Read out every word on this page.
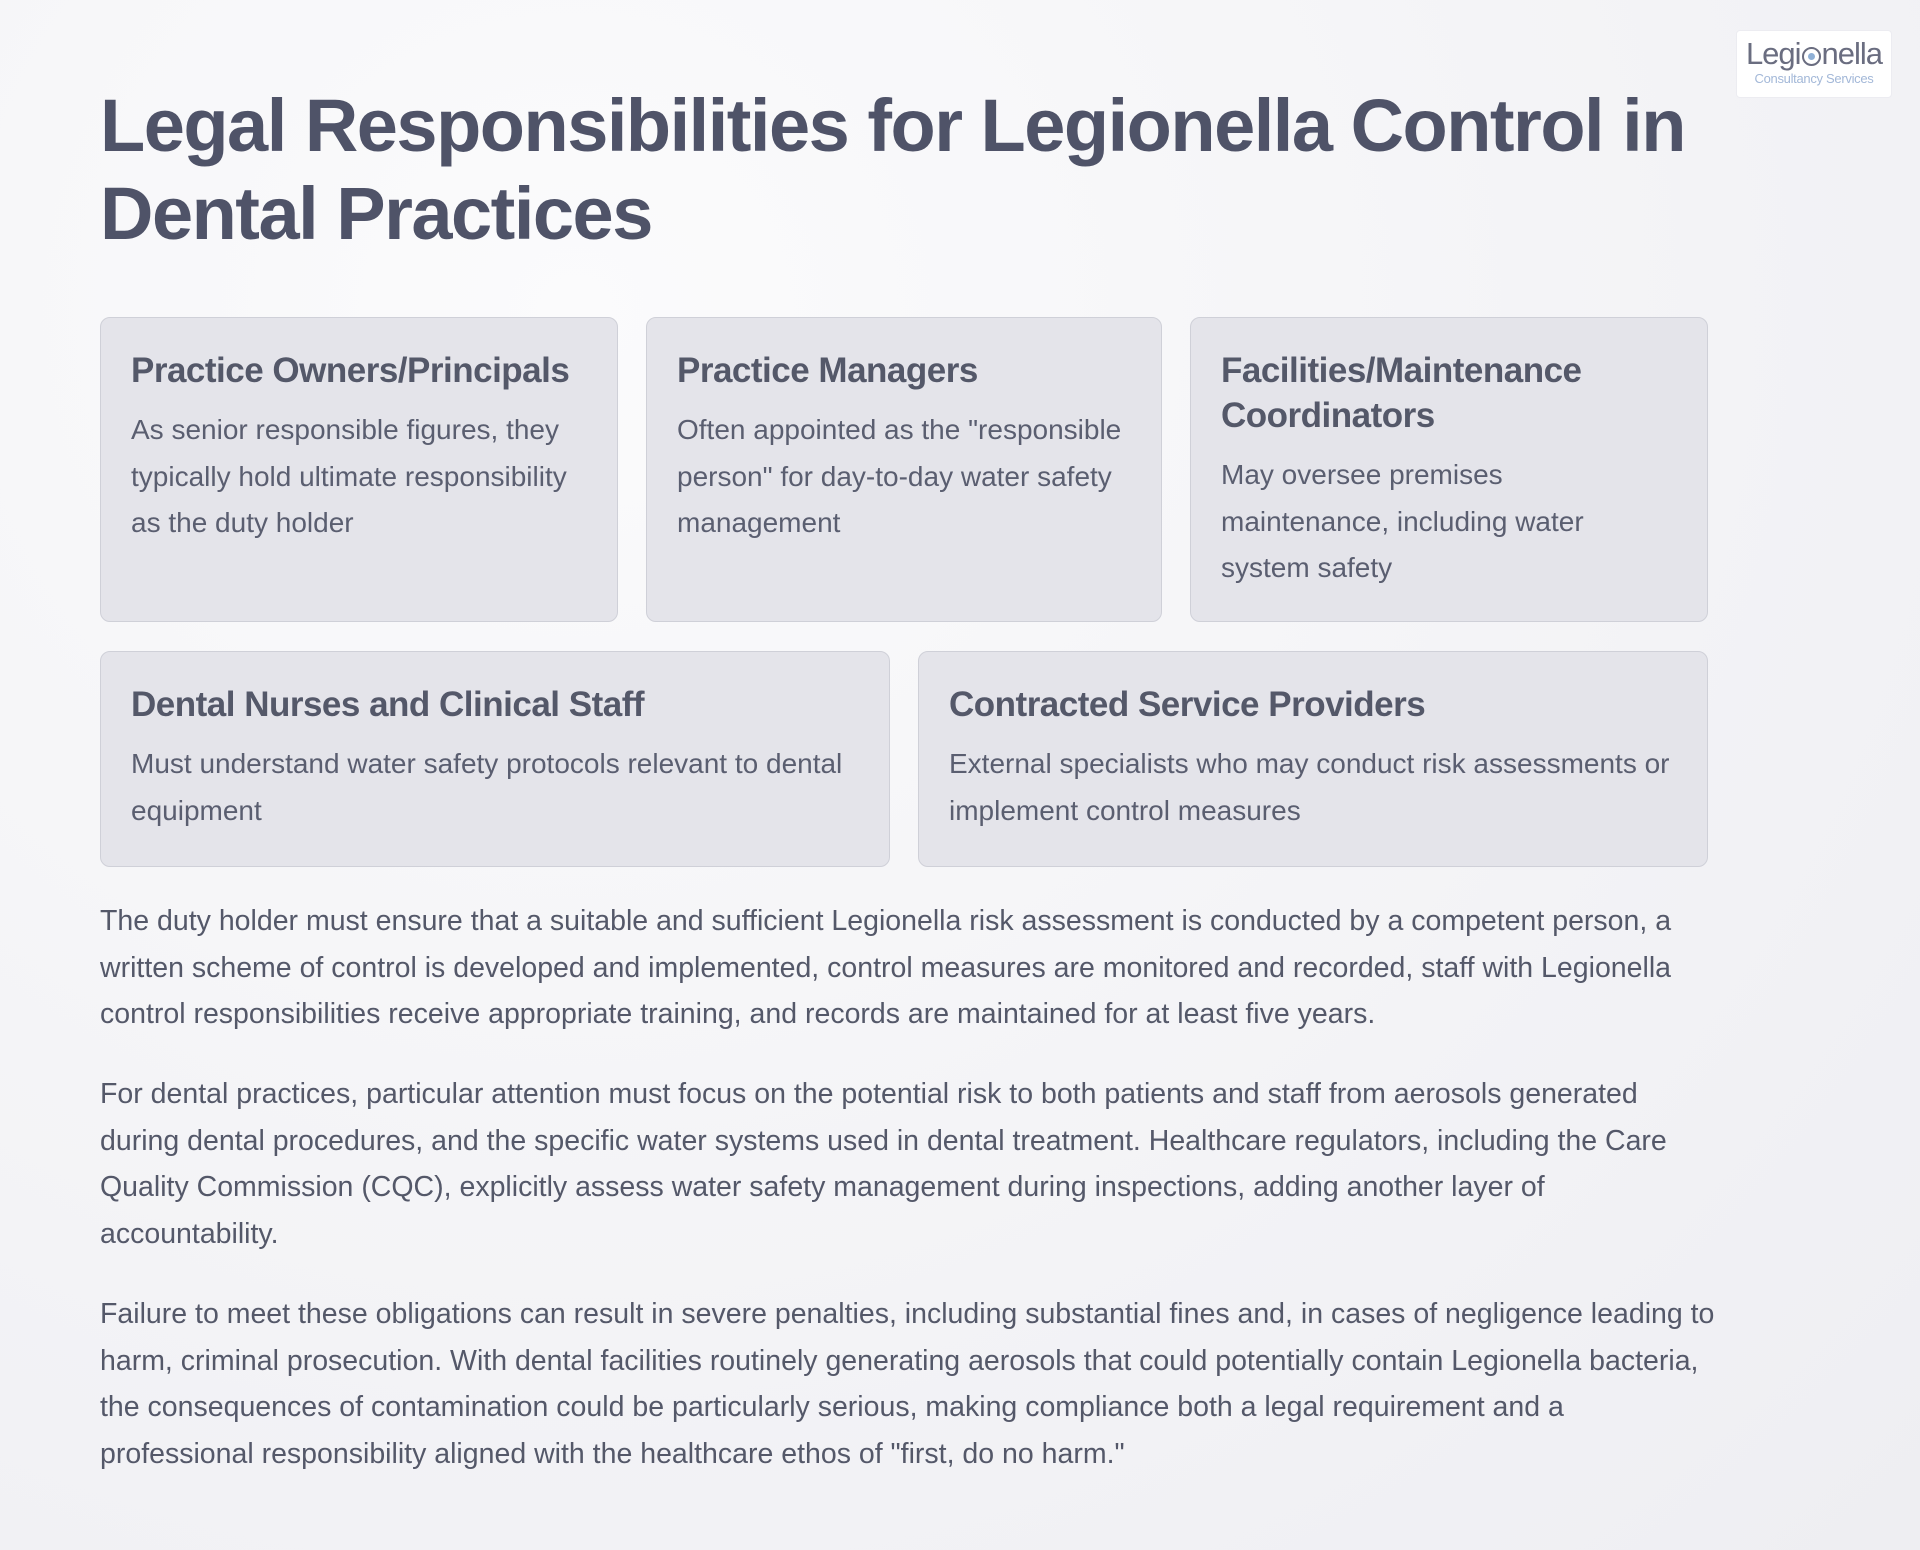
Legi nella
Consultancy Services
Legal Responsibilities for Legionella Control in Dental Practices
Practice Owners/Principals

As senior responsible figures, they typically hold ultimate responsibility as the duty holder

Practice Managers

Often appointed as the "responsible person" for day-to-day water safety management

Facilities/Maintenance Coordinators

May oversee premises maintenance, including water system safety

Dental Nurses and Clinical Staff

Must understand water safety protocols relevant to dental equipment

Contracted Service Providers

External specialists who may conduct risk assessments or implement control measures

The duty holder must ensure that a suitable and sufficient Legionella risk assessment is conducted by a competent person, a written scheme of control is developed and implemented, control measures are monitored and recorded, staff with Legionella control responsibilities receive appropriate training, and records are maintained for at least five years.

For dental practices, particular attention must focus on the potential risk to both patients and staff from aerosols generated during dental procedures, and the specific water systems used in dental treatment. Healthcare regulators, including the Care Quality Commission (CQC), explicitly assess water safety management during inspections, adding another layer of accountability.

Failure to meet these obligations can result in severe penalties, including substantial fines and, in cases of negligence leading to harm, criminal prosecution. With dental facilities routinely generating aerosols that could potentially contain Legionella bacteria, the consequences of contamination could be particularly serious, making compliance both a legal requirement and a professional responsibility aligned with the healthcare ethos of "first, do no harm."
